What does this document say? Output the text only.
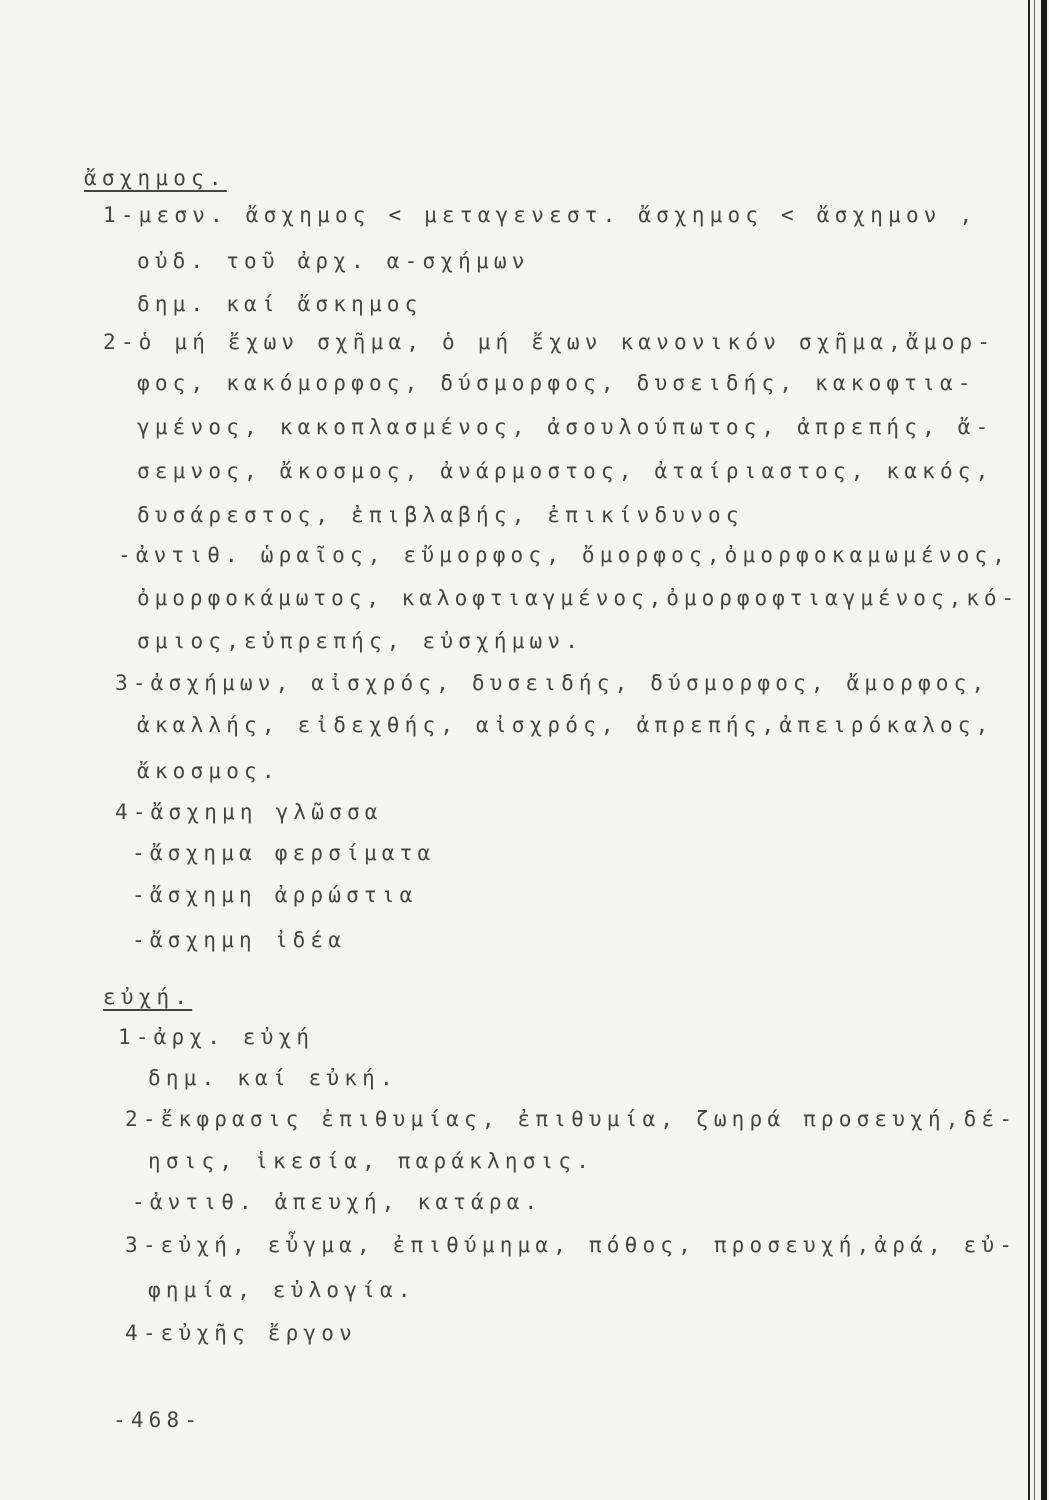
ἄσχημος.
1-μεσν. ἄσχημος < μεταγενεστ. ἄσχημος < ἄσχημον ,
οὐδ. τοῦ ἀρχ. α-σχήμων
δημ. καί ἄσκημος
2-ὁ μή ἔχων σχῆμα, ὁ μή ἔχων κανονικόν σχῆμα,ἄμορ-
φος, κακόμορφος, δύσμορφος, δυσειδής, κακοφτια-
γμένος, κακοπλασμένος, ἀσουλούπωτος, ἀπρεπής, ἄ-
σεμνος, ἄκοσμος, ἀνάρμοστος, ἀταίριαστος, κακός,
δυσάρεστος, ἐπιβλαβής, ἐπικίνδυνος
-ἀντιθ. ὡραῖος, εὔμορφος, ὄμορφος,ὀμορφοκαμωμένος,
ὀμορφοκάμωτος, καλοφτιαγμένος,ὀμορφοφτιαγμένος,κό-
σμιος,εὐπρεπής, εὐσχήμων.
3-ἀσχήμων, αἰσχρός, δυσειδής, δύσμορφος, ἄμορφος,
ἀκαλλής, εἰδεχθής, αἰσχρός, ἀπρεπής,ἀπειρόκαλος,
ἄκοσμος.
4-ἄσχημη γλῶσσα
-ἄσχημα φερσίματα
-ἄσχημη ἀρρώστια
-ἄσχημη ἰδέα
εὐχή.
1-ἀρχ. εὐχή
δημ. καί εὐκή.
2-ἔκφρασις ἐπιθυμίας, ἐπιθυμία, ζωηρά προσευχή,δέ-
ησις, ἱκεσία, παράκλησις.
-ἀντιθ. ἀπευχή, κατάρα.
3-εὐχή, εὖγμα, ἐπιθύμημα, πόθος, προσευχή,ἀρά, εὐ-
φημία, εὐλογία.
4-εὐχῆς ἔργον
-468-
